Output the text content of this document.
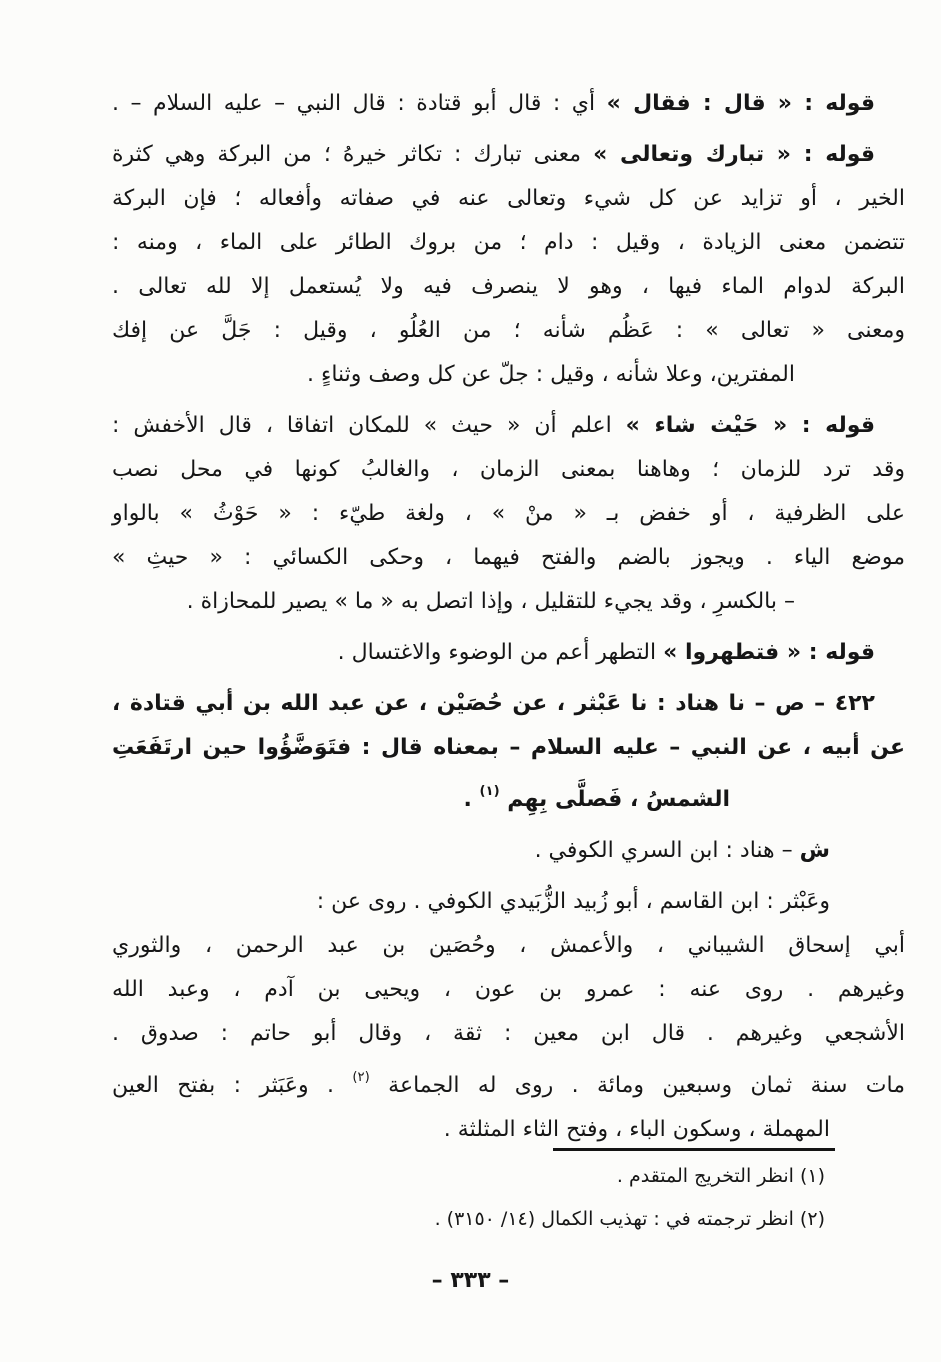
قوله : « قال : فقال » أي : قال أبو قتادة : قال النبي – عليه السلام – .
قوله : « تبارك وتعالى » معنى تبارك : تكاثر خيرهُ ؛ من البركة وهي كثرة
الخير ، أو تزايد عن كل شيء وتعالى عنه في صفاته وأفعاله ؛ فإن البركة
تتضمن معنى الزيادة ، وقيل : دام ؛ من بروك الطائر على الماء ، ومنه :
البركة لدوام الماء فيها ، وهو لا ينصرف فيه ولا يُستعمل إلا لله تعالى .
ومعنى « تعالى » : عَظُم شأنه ؛ من العُلُو ، وقيل : جَلَّ عن إفك
المفترين، وعلا شأنه ، وقيل : جلّ عن كل وصف وثناءٍ .
قوله : « حَيْث شاء » اعلم أن « حيث » للمكان اتفاقا ، قال الأخفش :
وقد ترد للزمان ؛ وهاهنا بمعنى الزمان ، والغالبُ كونها في محل نصب
على الظرفية ، أو خفض بـ « منْ » ، ولغة طيّء : « حَوْثُ » بالواو
موضع الياء . ويجوز بالضم والفتح فيهما ، وحكى الكسائي : « حيثِ »
– بالكسرِ ، وقد يجيء للتقليل ، وإذا اتصل به « ما » يصير للمحازاة .
قوله : « فتطهروا » التطهر أعم من الوضوء والاغتسال .
٤٢٢ – ص – نا هناد : نا عَبْثر ، عن حُصَيْن ، عن عبد الله بن أبي قتادة ،
عن أبيه ، عن النبي – عليه السلام – بمعناه قال : فتَوَضَّؤُوا حين ارتَفَعَتِ
الشمسُ ، فَصلَّى بِهِم $^{(١)}$ .
ش – هناد : ابن السري الكوفي .
وعَبْثر : ابن القاسم ، أبو زُبيد الزُّبَيدي الكوفي . روى عن :
أبي إسحاق الشيباني ، والأعمش ، وحُصَين بن عبد الرحمن ، والثوري
وغيرهم . روى عنه : عمرو بن عون ، ويحيى بن آدم ، وعبد الله
الأشجعي وغيرهم . قال ابن معين : ثقة ، وقال أبو حاتم : صدوق .
مات سنة ثمان وسبعين ومائة . روى له الجماعة $^{(٢)}$ . وعَبَثر : بفتح العين
المهملة ، وسكون الباء ، وفتح الثاء المثلثة .
(١) انظر التخريج المتقدم .
(٢) انظر ترجمته في : تهذيب الكمال (١٤/ ٣١٥٠) .
– ٣٣٣ –
